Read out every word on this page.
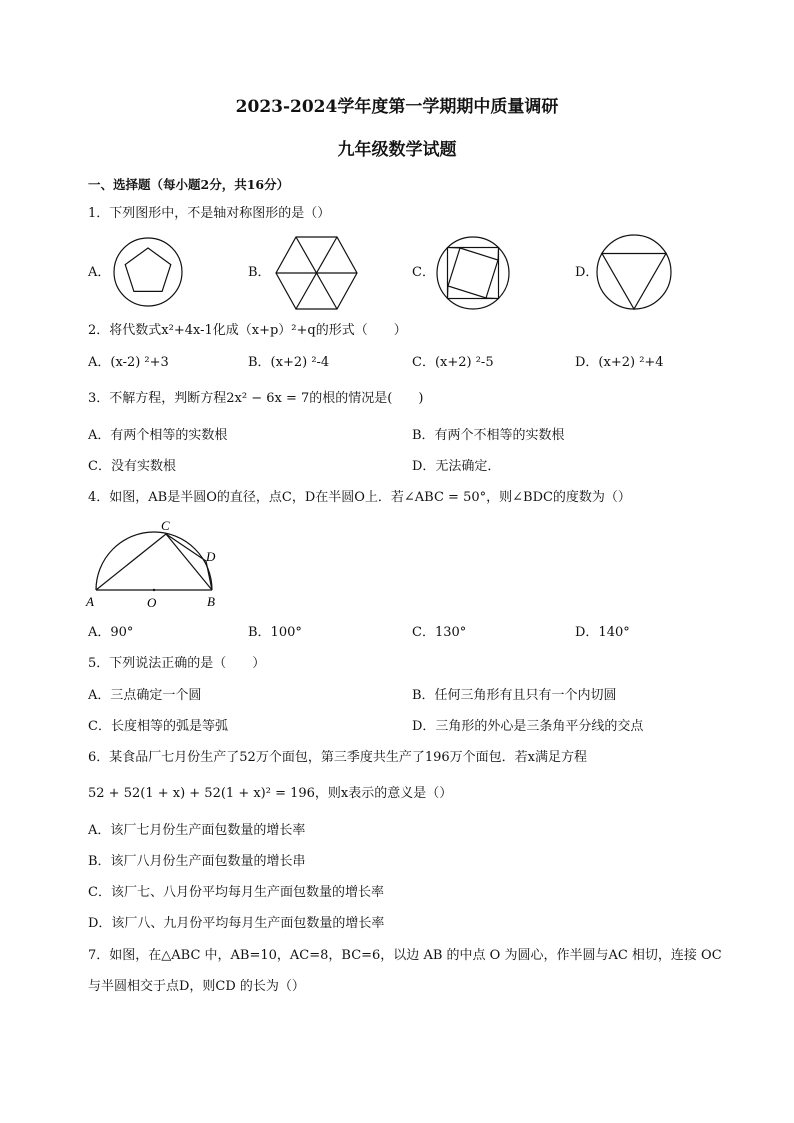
2023-2024学年度第一学期期中质量调研
九年级数学试题
一、选择题（每小题2分，共16分）
1．下列图形中，不是轴对称图形的是（）
A．	B．	C．	D．
2．将代数式x²+4x-1化成（x+p）²+q的形式（　　）
A．(x-2) ²+3	B．(x+2) ²-4	C．(x+2) ²-5	D．(x+2) ²+4
3．不解方程，判断方程2x² − 6x = 7的根的情况是(　　)
A．有两个相等的实数根	B．有两个不相等的实数根
C．没有实数根	D．无法确定．
4．如图，AB是半圆O的直径，点C，D在半圆O上．若∠ABC = 50°，则∠BDC的度数为（）
A	O	B
C
D
A．90°	B．100°	C．130°	D．140°
5．下列说法正确的是（　　）
A．三点确定一个圆	B．任何三角形有且只有一个内切圆
C．长度相等的弧是等弧	D．三角形的外心是三条角平分线的交点
6．某食品厂七月份生产了52万个面包，第三季度共生产了196万个面包．若x满足方程
52 + 52(1 + x) + 52(1 + x)² = 196，则x表示的意义是（）
A．该厂七月份生产面包数量的增长率
B．该厂八月份生产面包数量的增长串
C．该厂七、八月份平均每月生产面包数量的增长率
D．该厂八、九月份平均每月生产面包数量的增长率
7．如图，在△ABC 中，AB=10，AC=8，BC=6，以边 AB 的中点 O 为圆心，作半圆与AC 相切，连接 OC
与半圆相交于点D，则CD 的长为（）
